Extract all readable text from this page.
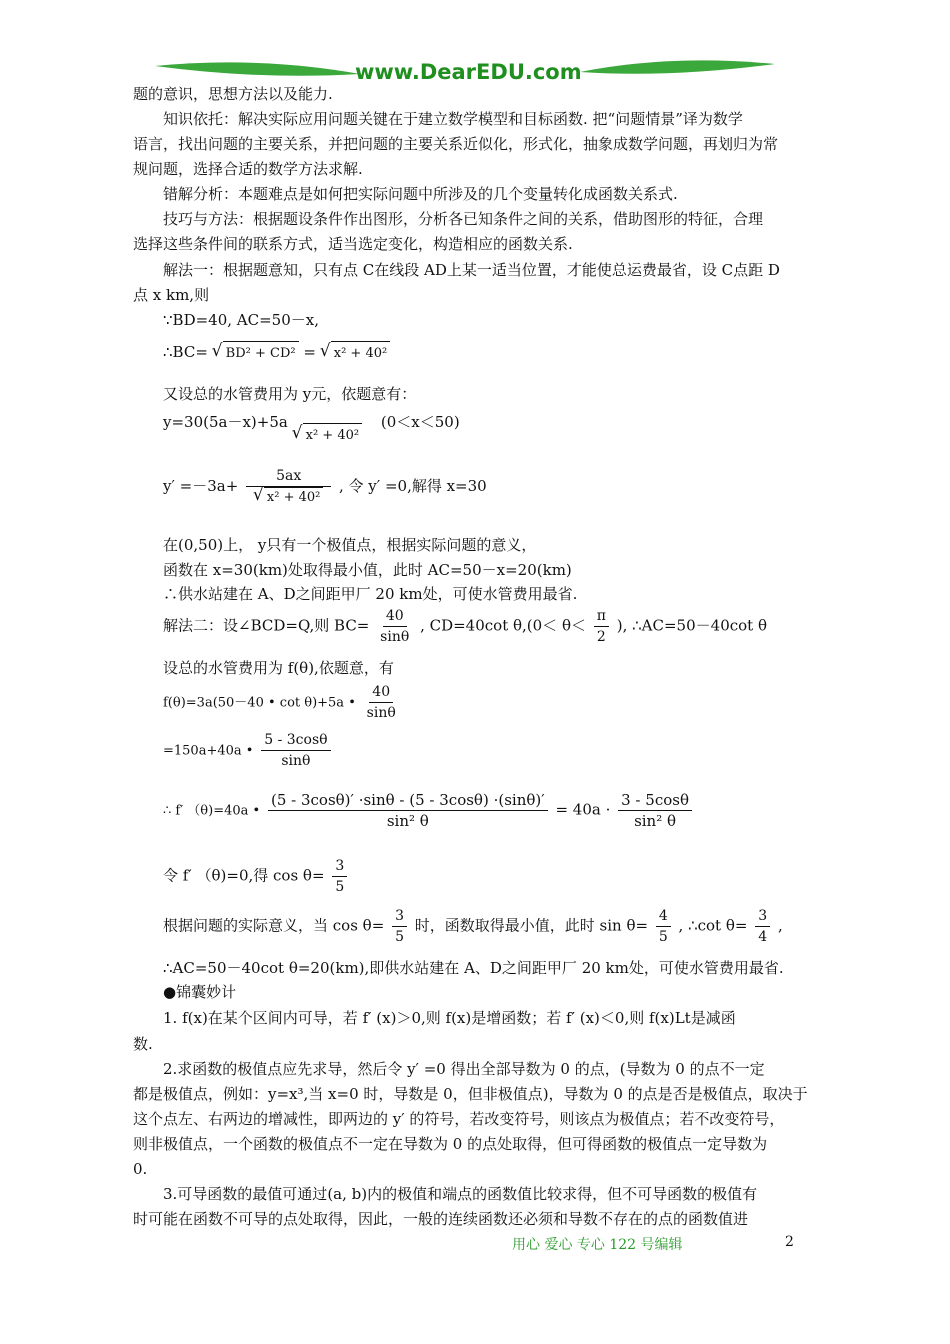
www.DearEDU.com
题的意识，思想方法以及能力.
知识依托：解决实际应用问题关键在于建立数学模型和目标函数. 把“问题情景”译为数学
语言，找出问题的主要关系，并把问题的主要关系近似化，形式化，抽象成数学问题，再划归为常
规问题，选择合适的数学方法求解.
错解分析：本题难点是如何把实际问题中所涉及的几个变量转化成函数关系式.
技巧与方法：根据题设条件作出图形，分析各已知条件之间的关系，借助图形的特征，合理
选择这些条件间的联系方式，适当选定变化，构造相应的函数关系.
解法一：根据题意知，只有点 C在线段 AD上某一适当位置，才能使总运费最省，设 C点距 D
点 x km,则
∵BD=40, AC=50－x,
∴BC= √ BD² + CD² = √ x² + 40²
又设总的水管费用为 y元，依题意有：
y=30(5a－x)+5a √ x² + 40² (0＜x＜50)
y′ =－3a+ 5ax
√ x² + 40² , 令 y′ =0,解得 x=30
在(0,50)上， y只有一个极值点，根据实际问题的意义，
函数在 x=30(km)处取得最小值，此时 AC=50－x=20(km)
∴供水站建在 A、D之间距甲厂 20 km处，可使水管费用最省.
解法二：设∠BCD=Q,则 $BC= \frac{40}{\sin\theta}$ , CD=40cot $\theta,(0< \theta< \frac{\pi}{2}$ ), ∴AC=50－40cot θ
设总的水管费用为 f(θ),依题意，有
f(θ)=3a(50－40 • cot θ)+5a • $\frac{40}{\sin\theta}$
=150a+40a • $\frac{5 - 3\cos\theta}{\sin\theta}$
∴ f′ （θ)=40a • $\frac{(5 - 3\cos\theta)' \cdot\sin\theta - (5 - 3\cos\theta) \cdot(\sin\theta)'}{\text{sin² θ}} = 40a \cdot \frac{3 - 5\cos\theta}{\text{sin² θ}}$
令 f′ （θ)=0,得 $\cos \theta= \frac{3}{5}$
根据问题的实际意义，当 $\cos \theta= \frac{3}{5}$ 时，函数取得最小值，此时 $\sin \theta= \frac{4}{5}$ , ∴cot $\theta= \frac{3}{4}$ ,
∴AC=50－40cot θ=20(km),即供水站建在 A、D之间距甲厂 20 km处，可使水管费用最省.
●锦囊妙计
1. f(x)在某个区间内可导，若 f′ (x)＞0,则 f(x)是增函数；若 f′ (x)＜0,则 f(x)Lt是减函
数.
2.求函数的极值点应先求导，然后令 y′ =0 得出全部导数为 0 的点，(导数为 0 的点不一定
都是极值点，例如：y=x³,当 x=0 时，导数是 0，但非极值点)，导数为 0 的点是否是极值点，取决于
这个点左、右两边的增减性，即两边的 y′ 的符号，若改变符号，则该点为极值点；若不改变符号，
则非极值点，一个函数的极值点不一定在导数为 0 的点处取得，但可得函数的极值点一定导数为
0.
3.可导函数的最值可通过(a, b)内的极值和端点的函数值比较求得，但不可导函数的极值有
时可能在函数不可导的点处取得，因此，一般的连续函数还必须和导数不存在的点的函数值进
用心 爱心 专心 122 号编辑	2
